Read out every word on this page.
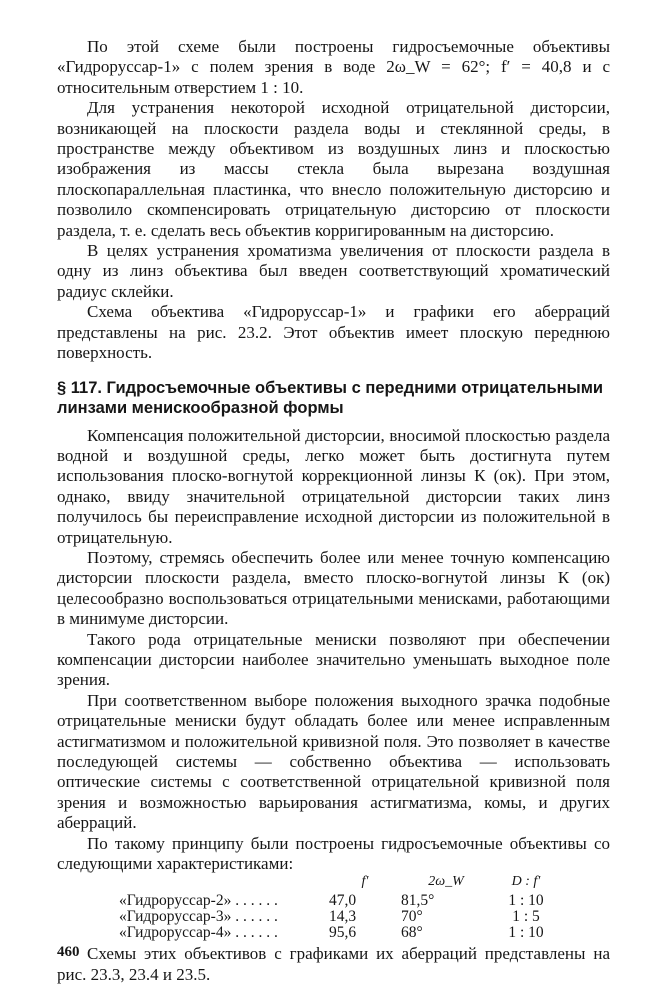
По этой схеме были построены гидросъемочные объективы «Гидроруссар-1» с полем зрения в воде 2ω_W = 62°; f′ = 40,8 и с относительным отверстием 1 : 10.

Для устранения некоторой исходной отрицательной дисторсии, возникающей на плоскости раздела воды и стеклянной среды, в пространстве между объективом из воздушных линз и плоскостью изображения из массы стекла была вырезана воздушная плоскопараллельная пластинка, что внесло положительную дисторсию и позволило скомпенсировать отрицательную дисторсию от плоскости раздела, т. е. сделать весь объектив корригированным на дисторсию.

В целях устранения хроматизма увеличения от плоскости раздела в одну из линз объектива был введен соответствующий хроматический радиус склейки.

Схема объектива «Гидроруссар-1» и графики его аберраций представлены на рис. 23.2. Этот объектив имеет плоскую переднюю поверхность.

§ 117. Гидросъемочные объективы с передними отрицательными линзами менискообразной формы

Компенсация положительной дисторсии, вносимой плоскостью раздела водной и воздушной среды, легко может быть достигнута путем использования плоско-вогнутой коррекционной линзы К (ок). При этом, однако, ввиду значительной отрицательной дисторсии таких линз получилось бы переисправление исходной дисторсии из положительной в отрицательную.

Поэтому, стремясь обеспечить более или менее точную компенсацию дисторсии плоскости раздела, вместо плоско-вогнутой линзы К (ок) целесообразно воспользоваться отрицательными менисками, работающими в минимуме дисторсии.

Такого рода отрицательные мениски позволяют при обеспечении компенсации дисторсии наиболее значительно уменьшать выходное поле зрения.

При соответственном выборе положения выходного зрачка подобные отрицательные мениски будут обладать более или менее исправленным астигматизмом и положительной кривизной поля. Это позволяет в качестве последующей системы — собственно объектива — использовать оптические системы с соответственной отрицательной кривизной поля зрения и возможностью варьирования астигматизма, комы, и других аберраций.

По такому принципу были построены гидросъемочные объективы со следующими характеристиками:

	f′	2ω_W	D : f′
«Гидроруссар-2» . . . . . .	47,0	81,5°	1 : 10
«Гидроруссар-3» . . . . . .	14,3	70°	1 : 5
«Гидроруссар-4» . . . . . .	95,6	68°	1 : 10

Схемы этих объективов с графиками их аберраций представлены на рис. 23.3, 23.4 и 23.5.

460
